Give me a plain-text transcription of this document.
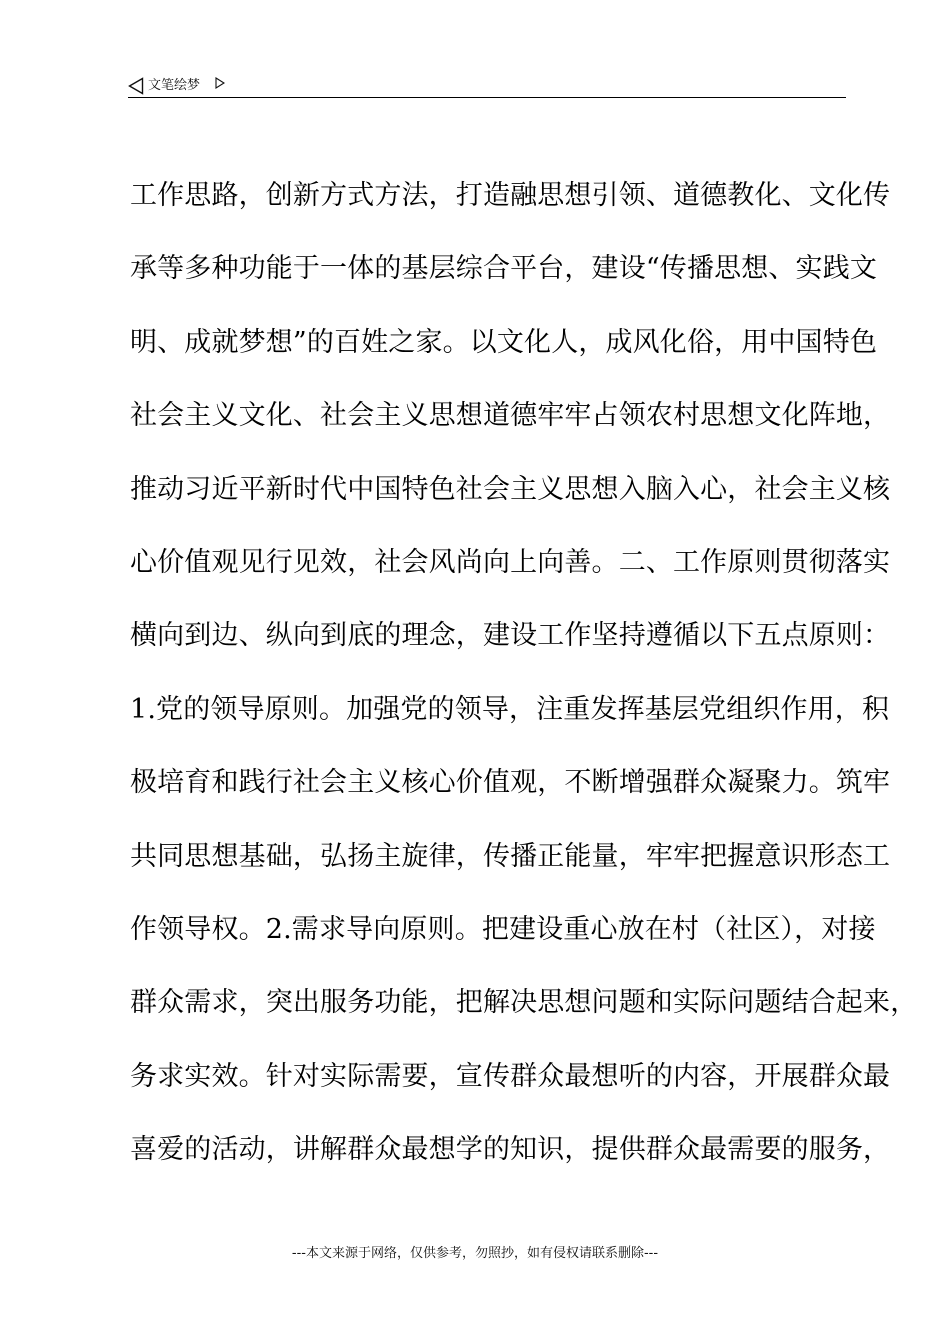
文笔绘梦
工作思路，创新方式方法，打造融思想引领、道德教化、文化传
承等多种功能于一体的基层综合平台，建设“传播思想、实践文
明、成就梦想”的百姓之家。以文化人，成风化俗，用中国特色
社会主义文化、社会主义思想道德牢牢占领农村思想文化阵地，
推动习近平新时代中国特色社会主义思想入脑入心，社会主义核
心价值观见行见效，社会风尚向上向善。二、工作原则贯彻落实
横向到边、纵向到底的理念，建设工作坚持遵循以下五点原则：
1.党的领导原则。加强党的领导，注重发挥基层党组织作用，积
极培育和践行社会主义核心价值观，不断增强群众凝聚力。筑牢
共同思想基础，弘扬主旋律，传播正能量，牢牢把握意识形态工
作领导权。2.需求导向原则。把建设重心放在村（社区），对接
群众需求，突出服务功能，把解决思想问题和实际问题结合起来，
务求实效。针对实际需要，宣传群众最想听的内容，开展群众最
喜爱的活动，讲解群众最想学的知识，提供群众最需要的服务，
---本文来源于网络，仅供参考，勿照抄，如有侵权请联系删除---
